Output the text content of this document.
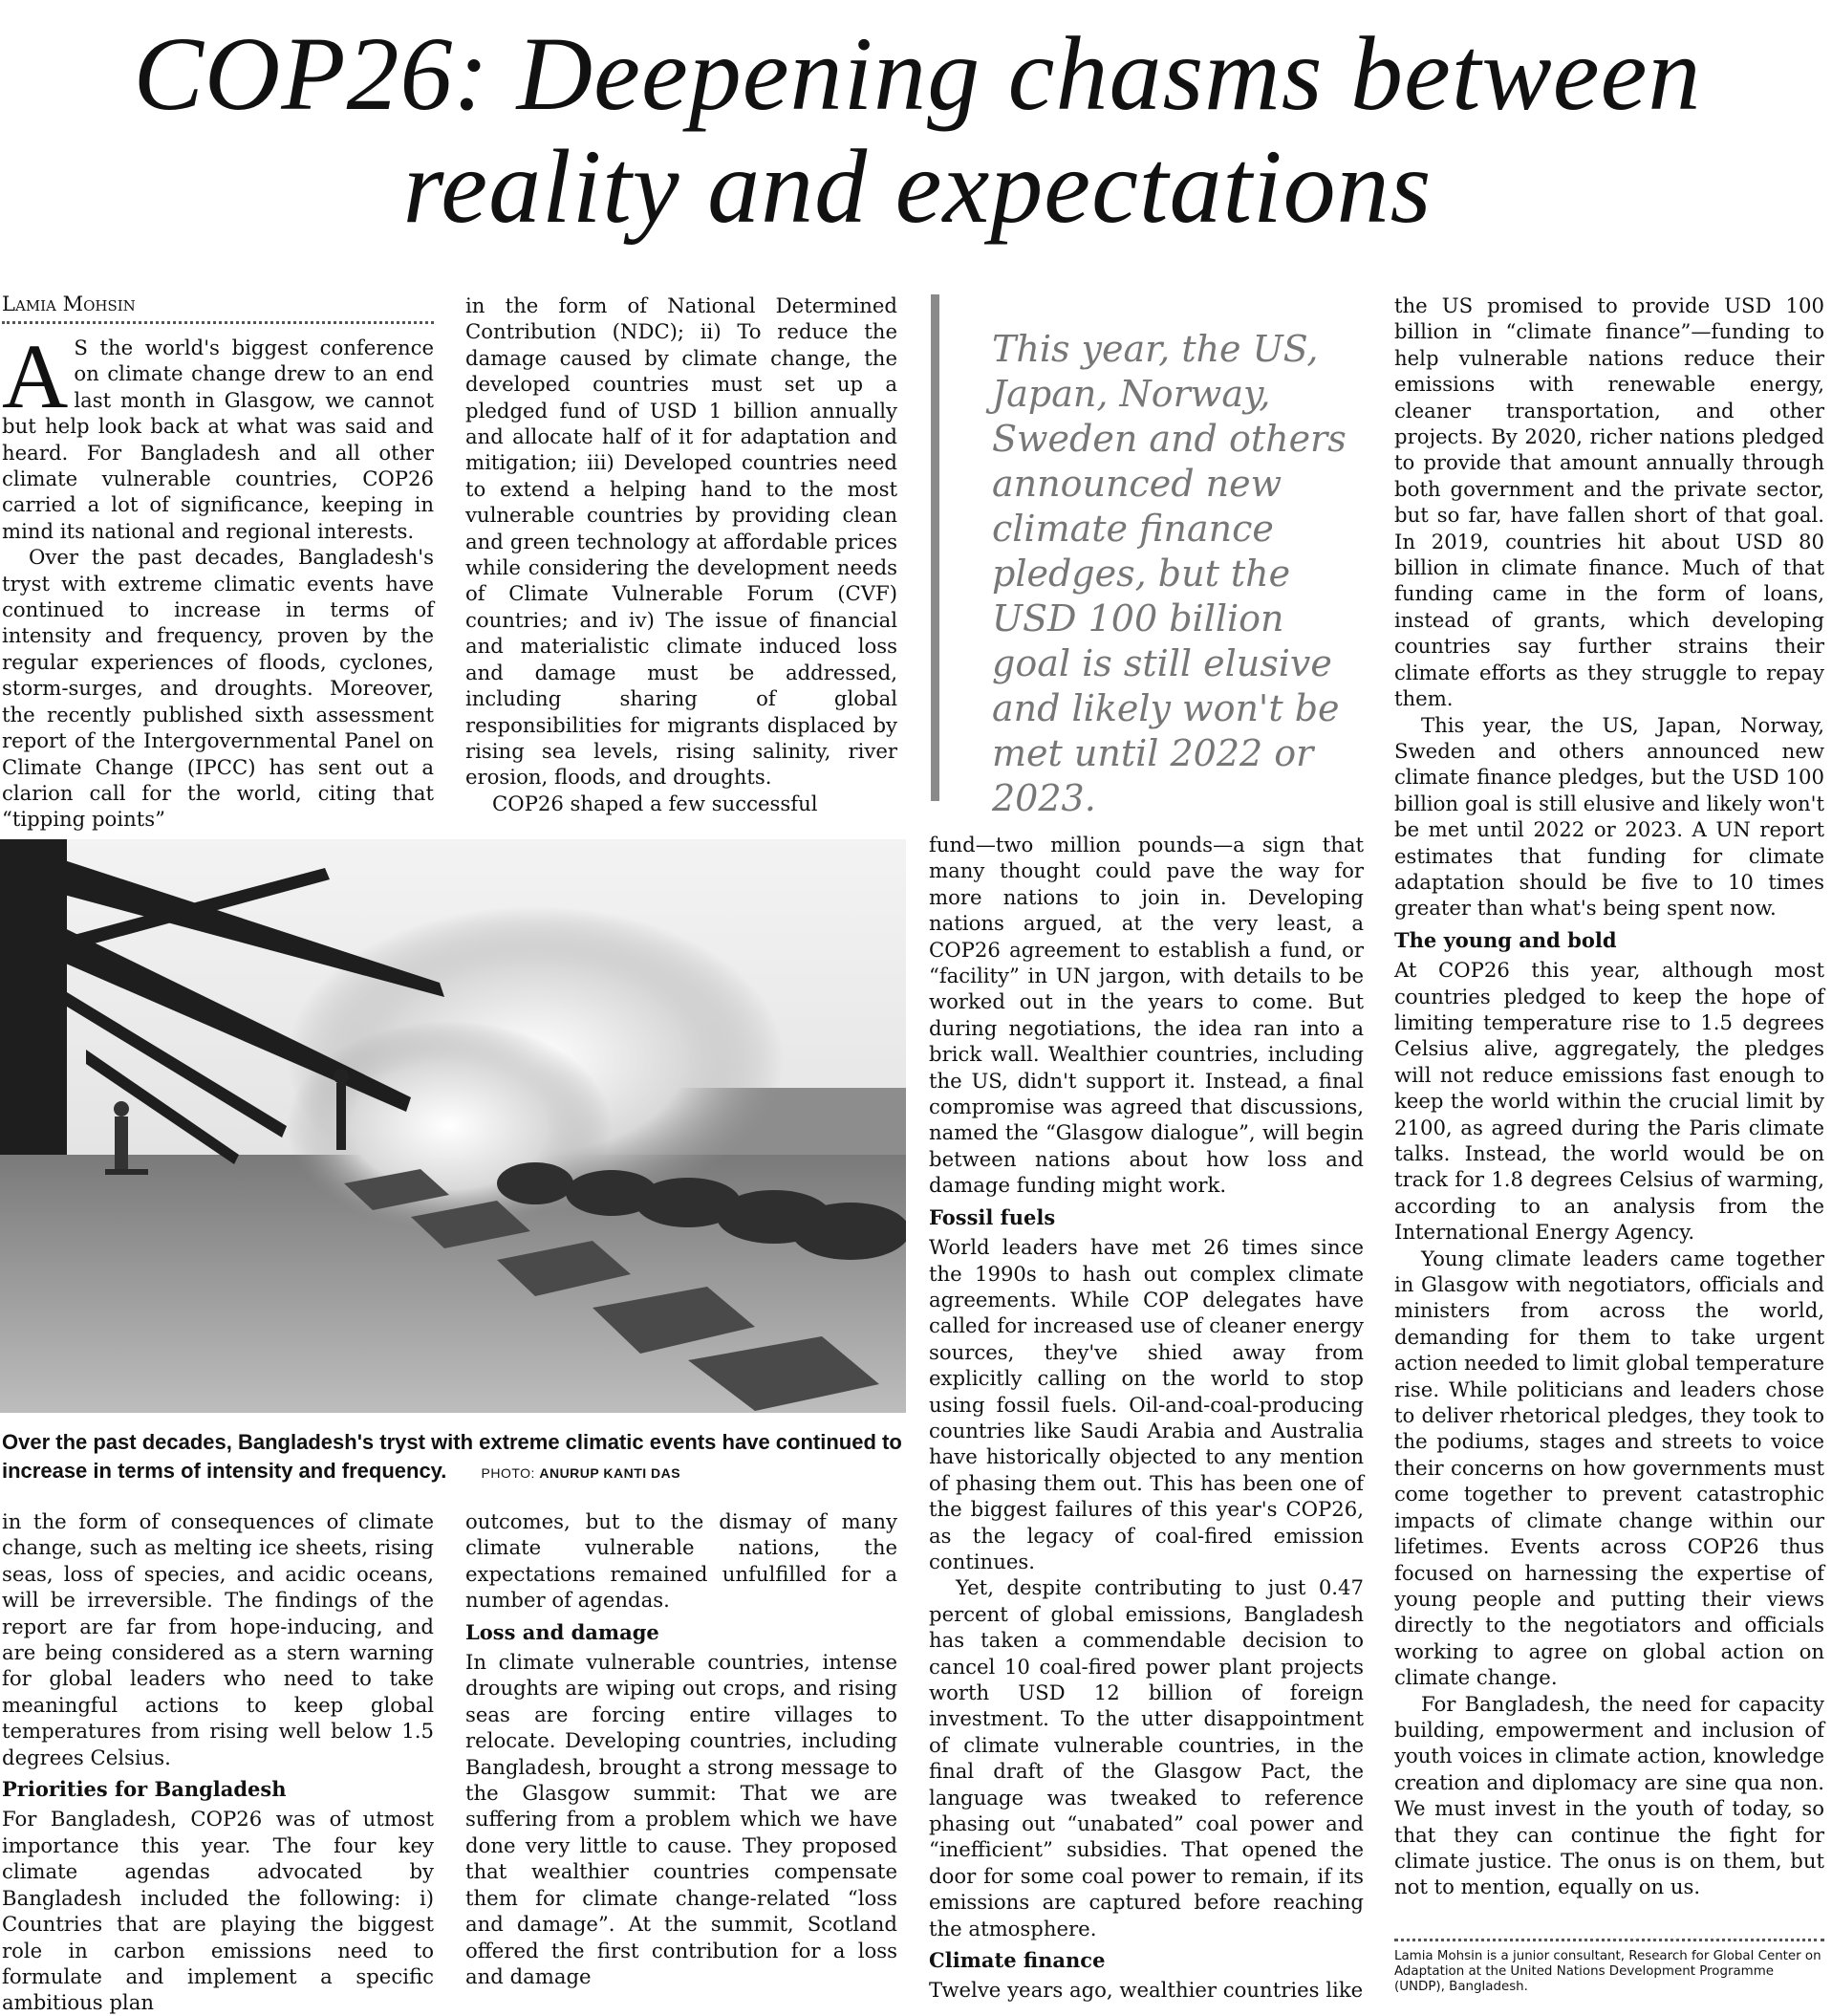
COP26: Deepening chasms between reality and expectations
Lamia Mohsin

A S the world's biggest conference on climate change drew to an end last month in Glasgow, we cannot but help look back at what was said and heard. For Bangladesh and all other climate vulnerable countries, COP26 carried a lot of significance, keeping in mind its national and regional interests.

Over the past decades, Bangladesh's tryst with extreme climatic events have continued to increase in terms of intensity and frequency, proven by the regular experiences of floods, cyclones, storm-surges, and droughts. Moreover, the recently published sixth assessment report of the Intergovernmental Panel on Climate Change (IPCC) has sent out a clarion call for the world, citing that “tipping points”

in the form of National Determined Contribution (NDC); ii) To reduce the damage caused by climate change, the developed countries must set up a pledged fund of USD 1 billion annually and allocate half of it for adaptation and mitigation; iii) Developed countries need to extend a helping hand to the most vulnerable countries by providing clean and green technology at affordable prices while considering the development needs of Climate Vulnerable Forum (CVF) countries; and iv) The issue of financial and materialistic climate induced loss and damage must be addressed, including sharing of global responsibilities for migrants displaced by rising sea levels, rising salinity, river erosion, floods, and droughts.

COP26 shaped a few successful

This year, the US, Japan, Norway, Sweden and others announced new climate finance pledges, but the USD 100 billion goal is still elusive and likely won't be met until 2022 or 2023.
Over the past decades, Bangladesh's tryst with extreme climatic events have continued to increase in terms of intensity and frequency.	PHOTO: ANURUP KANTI DAS

in the form of consequences of climate change, such as melting ice sheets, rising seas, loss of species, and acidic oceans, will be irreversible. The findings of the report are far from hope-inducing, and are being considered as a stern warning for global leaders who need to take meaningful actions to keep global temperatures from rising well below 1.5 degrees Celsius.

Priorities for Bangladesh

For Bangladesh, COP26 was of utmost importance this year. The four key climate agendas advocated by Bangladesh included the following: i) Countries that are playing the biggest role in carbon emissions need to formulate and implement a specific ambitious plan

outcomes, but to the dismay of many climate vulnerable nations, the expectations remained unfulfilled for a number of agendas.

Loss and damage

In climate vulnerable countries, intense droughts are wiping out crops, and rising seas are forcing entire villages to relocate. Developing countries, including Bangladesh, brought a strong message to the Glasgow summit: That we are suffering from a problem which we have done very little to cause. They proposed that wealthier countries compensate them for climate change-related “loss and damage”. At the summit, Scotland offered the first contribution for a loss and damage

fund—two million pounds—a sign that many thought could pave the way for more nations to join in. Developing nations argued, at the very least, a COP26 agreement to establish a fund, or “facility” in UN jargon, with details to be worked out in the years to come. But during negotiations, the idea ran into a brick wall. Wealthier countries, including the US, didn't support it. Instead, a final compromise was agreed that discussions, named the “Glasgow dialogue”, will begin between nations about how loss and damage funding might work.

Fossil fuels

World leaders have met 26 times since the 1990s to hash out complex climate agreements. While COP delegates have called for increased use of cleaner energy sources, they've shied away from explicitly calling on the world to stop using fossil fuels. Oil-and-coal-producing countries like Saudi Arabia and Australia have historically objected to any mention of phasing them out. This has been one of the biggest failures of this year's COP26, as the legacy of coal-fired emission continues.

Yet, despite contributing to just 0.47 percent of global emissions, Bangladesh has taken a commendable decision to cancel 10 coal-fired power plant projects worth USD 12 billion of foreign investment. To the utter disappointment of climate vulnerable countries, in the final draft of the Glasgow Pact, the language was tweaked to reference phasing out “unabated” coal power and “inefficient” subsidies. That opened the door for some coal power to remain, if its emissions are captured before reaching the atmosphere.

Climate finance

Twelve years ago, wealthier countries like

the US promised to provide USD 100 billion in “climate finance”—funding to help vulnerable nations reduce their emissions with renewable energy, cleaner transportation, and other projects. By 2020, richer nations pledged to provide that amount annually through both government and the private sector, but so far, have fallen short of that goal. In 2019, countries hit about USD 80 billion in climate finance. Much of that funding came in the form of loans, instead of grants, which developing countries say further strains their climate efforts as they struggle to repay them.

This year, the US, Japan, Norway, Sweden and others announced new climate finance pledges, but the USD 100 billion goal is still elusive and likely won't be met until 2022 or 2023. A UN report estimates that funding for climate adaptation should be five to 10 times greater than what's being spent now.

The young and bold

At COP26 this year, although most countries pledged to keep the hope of limiting temperature rise to 1.5 degrees Celsius alive, aggregately, the pledges will not reduce emissions fast enough to keep the world within the crucial limit by 2100, as agreed during the Paris climate talks. Instead, the world would be on track for 1.8 degrees Celsius of warming, according to an analysis from the International Energy Agency.

Young climate leaders came together in Glasgow with negotiators, officials and ministers from across the world, demanding for them to take urgent action needed to limit global temperature rise. While politicians and leaders chose to deliver rhetorical pledges, they took to the podiums, stages and streets to voice their concerns on how governments must come together to prevent catastrophic impacts of climate change within our lifetimes. Events across COP26 thus focused on harnessing the expertise of young people and putting their views directly to the negotiators and officials working to agree on global action on climate change.

For Bangladesh, the need for capacity building, empowerment and inclusion of youth voices in climate action, knowledge creation and diplomacy are sine qua non. We must invest in the youth of today, so that they can continue the fight for climate justice. The onus is on them, but not to mention, equally on us.

Lamia Mohsin is a junior consultant, Research for Global Center on Adaptation at the United Nations Development Programme (UNDP), Bangladesh.
